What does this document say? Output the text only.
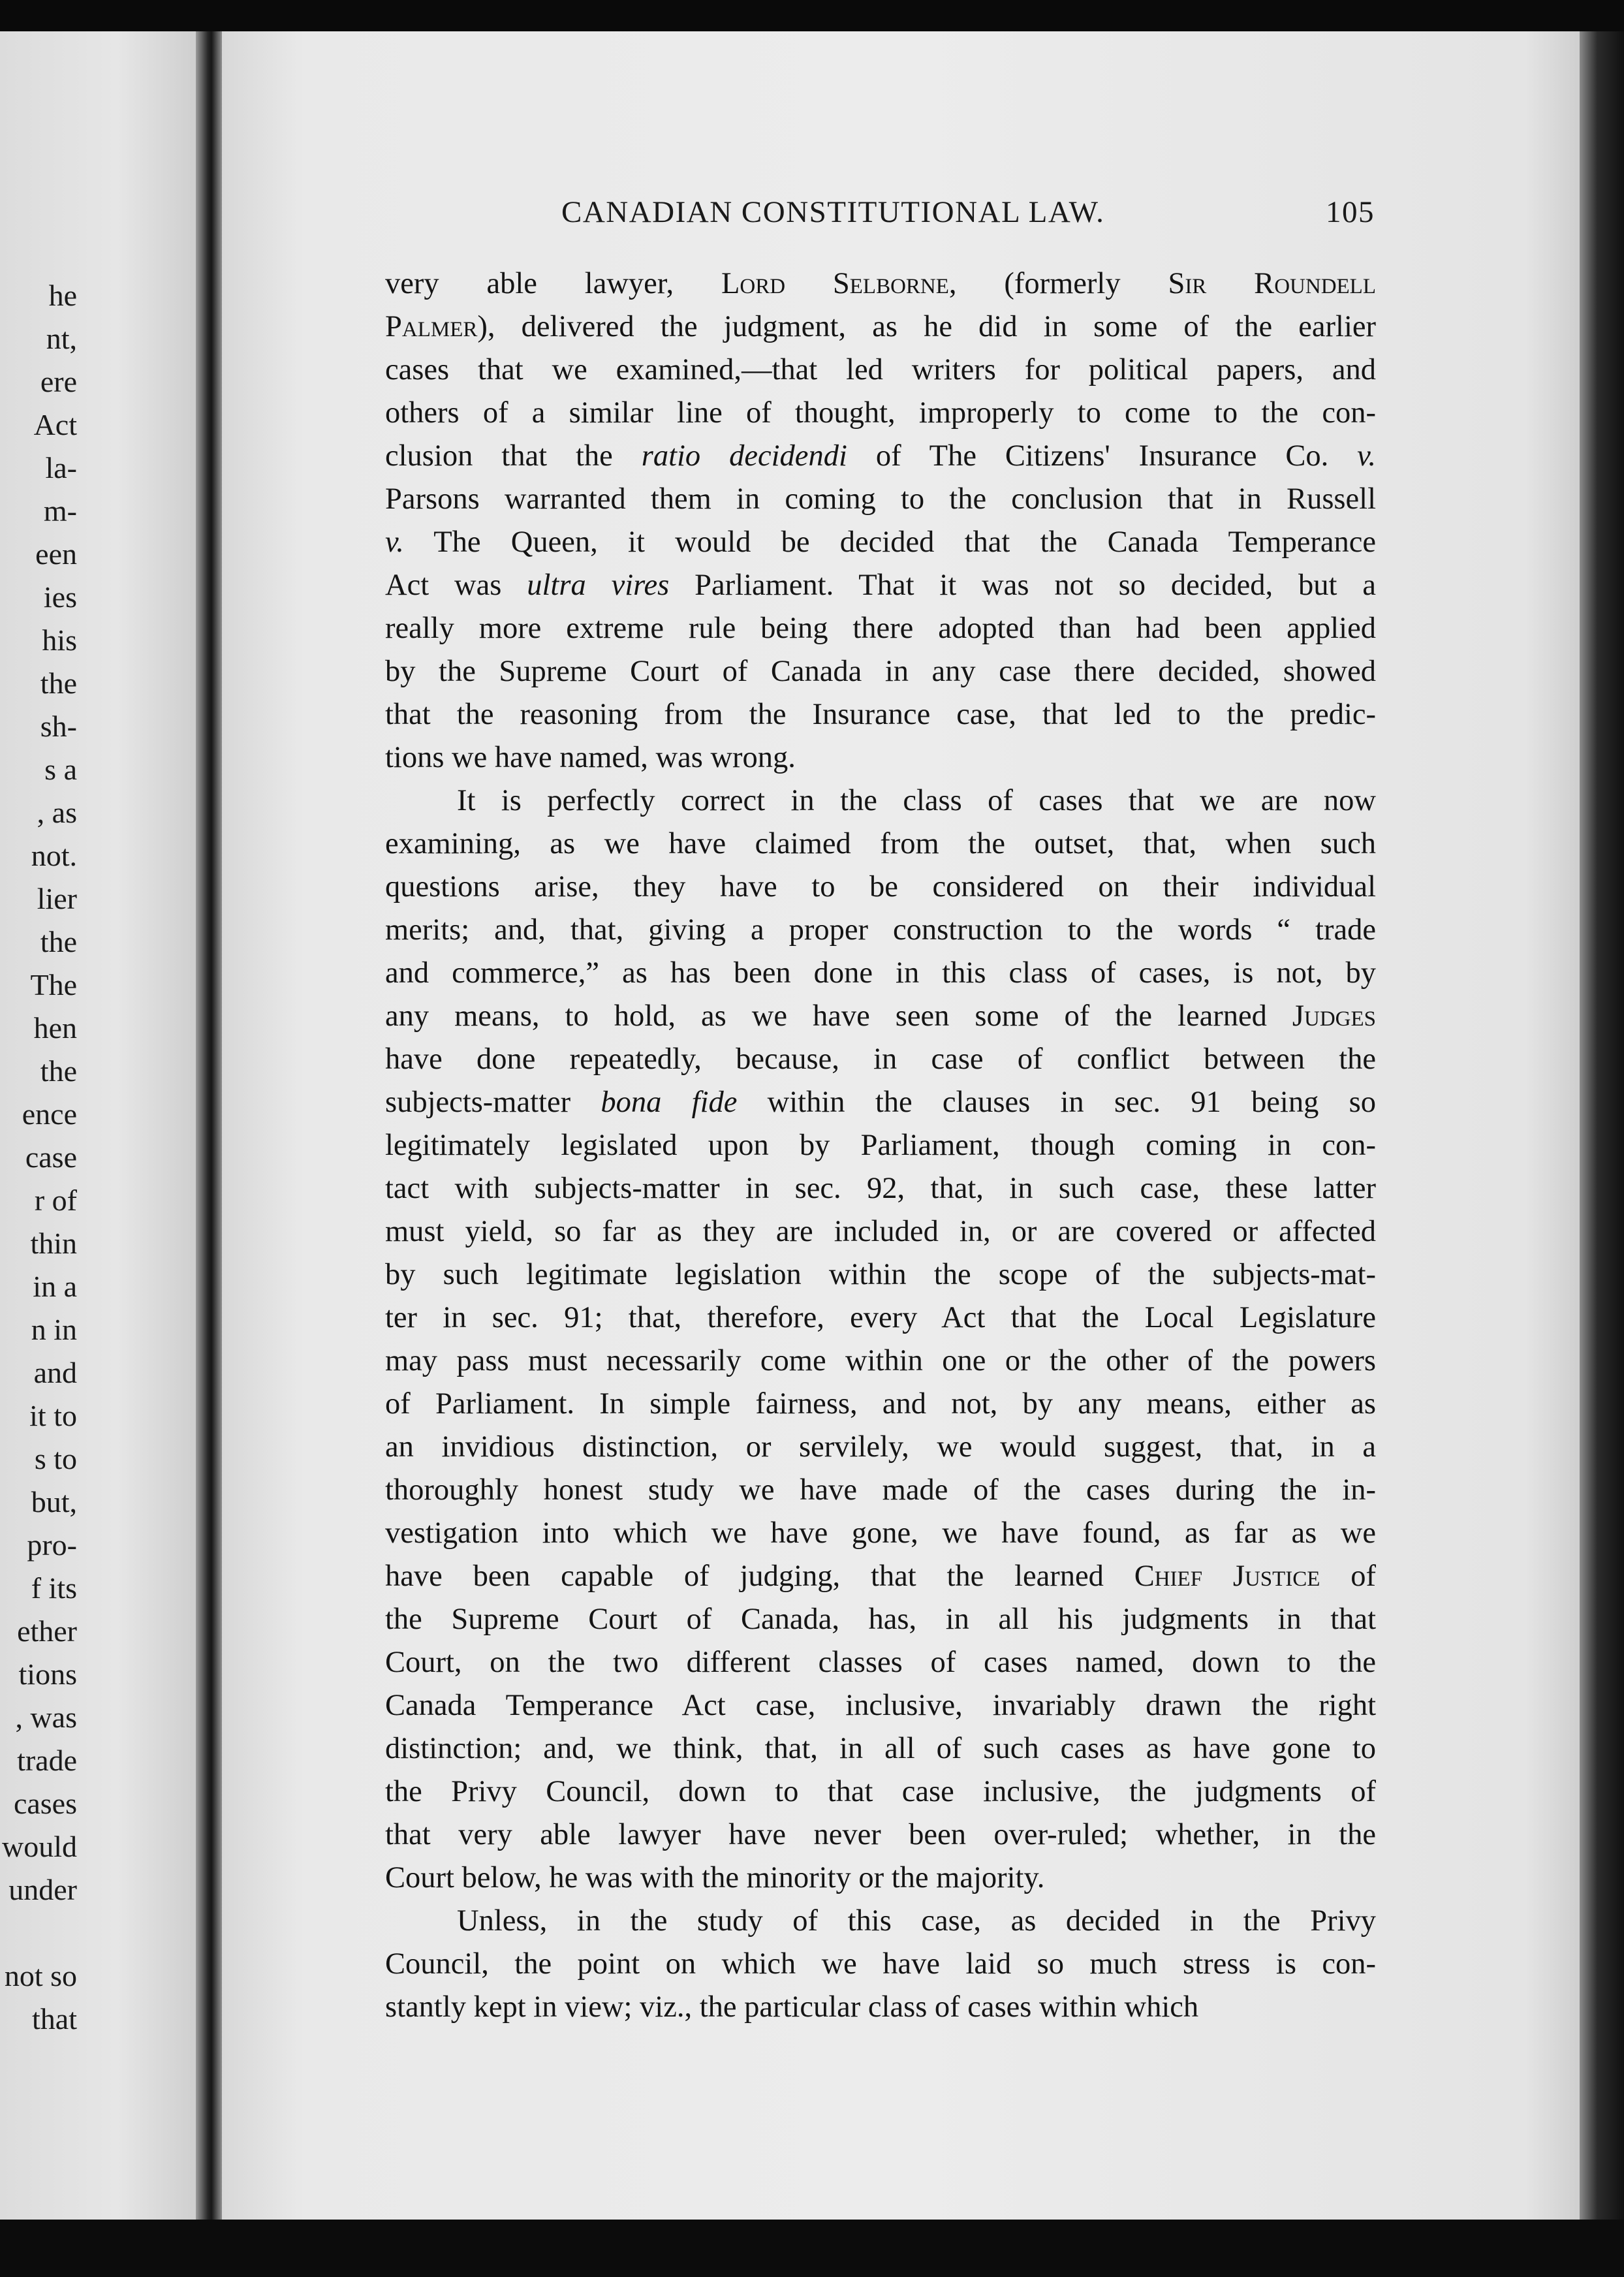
he
nt,
ere
Act
la-
m-
een
ies
his
the
sh-
s a
, as
not.
lier
the
The
hen
the
ence
case
r of
thin
in a
n in
and
it to
s to
but,
pro-
f its
ether
tions
, was
trade
cases
would
under
not so
that
CANADIAN CONSTITUTIONAL LAW.	105
very able lawyer, Lord Selborne, (formerly Sir Roundell
Palmer), delivered the judgment, as he did in some of the earlier
cases that we examined,—that led writers for political papers, and
others of a similar line of thought, improperly to come to the con-
clusion that the ratio decidendi of The Citizens' Insurance Co. v.
Parsons warranted them in coming to the conclusion that in Russell
v. The Queen, it would be decided that the Canada Temperance
Act was ultra vires Parliament. That it was not so decided, but a
really more extreme rule being there adopted than had been applied
by the Supreme Court of Canada in any case there decided, showed
that the reasoning from the Insurance case, that led to the predic-
tions we have named, was wrong.
It is perfectly correct in the class of cases that we are now
examining, as we have claimed from the outset, that, when such
questions arise, they have to be considered on their individual
merits; and, that, giving a proper construction to the words “ trade
and commerce,” as has been done in this class of cases, is not, by
any means, to hold, as we have seen some of the learned Judges
have done repeatedly, because, in case of conflict between the
subjects-matter bona fide within the clauses in sec. 91 being so
legitimately legislated upon by Parliament, though coming in con-
tact with subjects-matter in sec. 92, that, in such case, these latter
must yield, so far as they are included in, or are covered or affected
by such legitimate legislation within the scope of the subjects-mat-
ter in sec. 91; that, therefore, every Act that the Local Legislature
may pass must necessarily come within one or the other of the powers
of Parliament. In simple fairness, and not, by any means, either as
an invidious distinction, or servilely, we would suggest, that, in a
thoroughly honest study we have made of the cases during the in-
vestigation into which we have gone, we have found, as far as we
have been capable of judging, that the learned Chief Justice of
the Supreme Court of Canada, has, in all his judgments in that
Court, on the two different classes of cases named, down to the
Canada Temperance Act case, inclusive, invariably drawn the right
distinction; and, we think, that, in all of such cases as have gone to
the Privy Council, down to that case inclusive, the judgments of
that very able lawyer have never been over-ruled; whether, in the
Court below, he was with the minority or the majority.
Unless, in the study of this case, as decided in the Privy
Council, the point on which we have laid so much stress is con-
stantly kept in view; viz., the particular class of cases within which
